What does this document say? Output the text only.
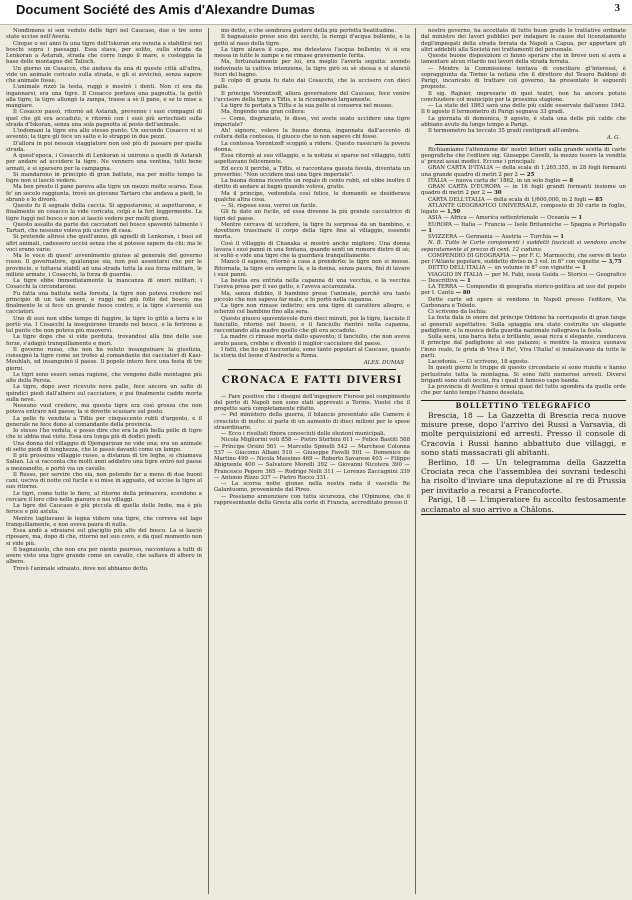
Document Société des Amis d'Alexandre Dumas	3

Nondimeno si son veduto delle tigri nel Caucaso, due o tre sono state uccise nell'Averia.

Cinque o sei anni fa una tigre dell'Iskoran era venuta a stabilirsi nei boschi sopra i paesaggi. Essa stava, per solito, sulla strada da Lenkoran a Astarah, strada che corre lungo il mare, e costeggia la base delle montagne del Talisch.

Un giorno un Cosacco, che andava da una di queste città all'altra, vide un animale coricato sulla strada, e gli si avvicinò, senza sapere che animale fosse.

L'animale rizzò la testa, ruggì e mostrò i denti. Non ci era da ingannarsi, era una tigre. Il Cosacco portava una pagnotta, la gettò alla tigre, la tigre allungò la zampa, trasse a sè il pane, e se lo mise a mangiare.

Il Cosacco passò, ritornò ad Astarah, prevenne i suoi compagni di quel che gli era accaduto, e ritornò con i suoi più arrischiati sulla strada d'Iskoran, senza una sola pagnotta al posto dell'animale.

L'indomani la tigre era allo stesso punto. Un secondo Cosacco vi si avventò; la tigre gli fece un salto e lo strappò in due pezzi.

D'allora in poi nessun viaggiatore non osò più di passare per quella strada.

A quest'epoca, i Cosacchi di Lenkoran si unirono a quelli di Astarah per andare ad uccidere la tigre. Ne vennero una ventina, tutti bene armati, e si sparsero per la campagna.

Si mandarono in principio di gran battute, ma per molto tempo la tigre non si lasciò vedere.

Ma ben presto il pane pareva alla tigre un mezzo molto scarso. Essa fe' un secolo raggiunta, trovò un giovane Tartaro che andava a piedi, lo sbranò e lo divorò.

Questo fu il segnale della caccia. Si appostarono, si aspettarono, e finalmente un cosacco la vide coricata, colpì e la ferì leggermente. La tigre fuggì nel bosco e non si lasciò vedere per molti giorni.

Questo assalto da parte dei cacciatori nel bosco spaventò talmente i Tartari, che nessuno voleva più uscire di casa.

Si pretende altresì che quell'anno, gli agnelli di Lenkoran, i buoi ed altri animali, cadessero uccisi senza che si potesse sapere da chi; ma le voci erano varie.

Ma le voce di quest' avvenimento giunse al generale del governo russo. Il governatore, qualunque sia, non può assentarsi che per le provincie, e tuttavia stabilì ad una strada tutta la sua forza militare, le milizie armate, i Cosacchi, la forza di guardia.

La tigre ebbe immediatamente la mancanza di onori militari; i Cosacchi la circondarono.

Fu fatta una battuta nella foresta, la tigre non poteva credere nel principio di un tale onore, e ruggì nel più folto del bosco; ma finalmente le si fece un grande fuoco contro, e la tigre s'avventò sui cacciatori.

Uno di essi non ebbe tempo di fuggire, la tigre lo gittò a terra e lo portò via. I Cosacchi la inseguirono tirando nel bosco, e la ferirono a tal punto che non poteva più muoversi.

La tigre dopo che si vide perduta, trovandosi alla fine delle sue forze, s'adagiò tranquillamente e morì.

Il governo russo, che non ha voluto insanguinare la giustizia, consegnò la tigre come un trofeo al comandante dei cacciatori di Kasi-Mouhlah, ed insanguinò il paese. Il popolo intero fece una festa di tre giorni.

Le tigri sono esseri senza ragione, che vengono dalle montagne più alte della Persia.

La tigre, dopo aver ricevuto nove palle, fece ancora un salto di quindici piedi dall'albero sul cacciatore, e poi finalmente cadde morta sulla neve.

Nessuno vuol credere, ma questa tigre era così grossa che non poteva entrare nel paese; la si dovette scuoiare sul posto.

La pelle fu venduta a Tiflis per cinquecento rubli d'argento, e il generale ne fece dono al comandante della provincia.

Io stesso l'ho veduta, e posso dire che era la più bella pelle di tigre che io abbia mai visto. Essa era lunga più di dodici piedi.

Una donna del villaggio di Djemgarizan ne vide una; era un animale di sette piedi di lunghezza, che le passò davanti come un lampo.

Il più prossimo villaggio russo, a distanza di tre leghe, si chiamava Salian. Là si racconta che molti anni addietro una tigre entrò nel paese a mezzanotte, e portò via un cavallo.

Il Russo, per servire cho sia, non potendo far a meno di due buoni cani, usciva di notte col fucile e si mise in agguato, ed uccise la tigre al suo ritorno.

Le tigri, come tutte le fiere, al ritorno della primavera, scendono a cercare il loro cibo nelle pianure e nei villaggi.

La tigre del Caucaso è più piccola di quella delle Indie, ma è più feroce e più astuta.

Mentre tagliavano le legna videro una tigre, che correva sul lago tranquillamente, e non aveva paura di nulla.

Essa andò a sdraiarsi sul giaciglio più alto del bosco. La si lasciò riposare, ma, dopo di che, ritornò nel suo covo, e da quel momento non si vide più.

Il bagnaiuolo, che non era per niente pauroso, raccontava a tutti di avere visto una tigre grande come un cavallo, che saltava di albero in albero.

Trovò l'animale sdraiato, dove noi abbiamo detto.

mo detto, e che sembrava godere della più perfetta beatitudine.

Il bagnaiuolo prese uno dei secchi, la riempì d'acqua bollente, e la gettò al naso della tigre.

La tigre alzava il capo, ma detestava l'acqua bollente; vi si era messa in tutte le zampe e ne rimase gravemente ferita.

Ma, fortunatamente per lui, era meglio l'averla seguita: avendo indovinato la cattiva intenzione, la tigre girò su sè stessa e si slanciò fuori del bagno.

Il colpo di grazia fu dato dai Cosacchi, che la uccisero con dieci palle.

Il principe Vorontzoff, allora governatore del Caucaso, fece venire l'uccisore della tigre a Tiflis, e la ricompensò largamente.

La tigre fu portata a Tiflis e la sua pelle si conserva nel museo.

Ma, fingendo una gran collera:

— Come, disgraziato, le disse, voi avete osato uccidere una tigre imperiale?

Ah! signore, volevo la buona donna, ingannata dall'accento di collera della contessa, il giuoco che io non sapevo chi fosse.

La contessa Vorontzoff scoppiò a ridere. Questo rassicurò la povera donna.

Essa ritornò al suo villaggio, e la notizia si sparse nel villaggio, tutti aspettavano felicemente.

Ed ecco il perchè, a Tiflis, si raccontava questa favola, diventata un proverbio: "Non uccidere mai una tigre imperiale".

La buona donna ricevette un regalo di cento rubli, ed ebbe inoltre il diritto di andare ai bagni quando voleva, gratis.

Ma il principe, vedendola così felice, le domandò se desiderava qualche altra cosa.

— Sì, rispose essa, vorrei un fucile.

Gli fu dato un fucile, ed essa divenne la più grande cacciatrice di tigri del paese.

Mentre cercava di uccidere, la tigre fu sorpresa da un bambino, e dovettero trascinare il corpo della tigre fino al villaggio, essendo morta.

Così il villaggio di Chanaka si mostrò anche migliore. Una donna lavava i suoi panni in una fontana, quando sentì un rumore dietro di sè; si voltò e vide una tigre che la guardava tranquillamente.

Mancò il sapone, ritornò a casa a prenderlo; la tigre non si mosse. Ritornata, la tigre era sempre là, e la donna, senza paura, finì di lavare i suoi panni.

La bestia era entrata nella capanna di una vecchia, e la vecchia l'aveva presa per il suo gatto, e l'aveva accarezzata.

Ma, senza dubbio, il bambino prese l'animale, perchè era tanto piccolo che non sapeva far male, e lo portò nella capanna.

La tigre non rimase indietro: era una tigre di carattere allegro, e scherzò col bambino fino alla sera.

Questo giuoco spaventevole durò dieci minuti, poi la tigre, lasciato il fanciullo, ritornò nel bosco, e il fanciullo rientrò nella capanna, raccontando alla madre quello che gli era accaduto.

La madre ci rimase morta dallo spavento; il fanciullo, che non aveva avuto paura, crebbe e diventò il miglior cacciatore del paese.

I fatti, che ho qui raccontato, sono tanto popolari al Caucaso, quanto la storia del leone d'Androclo a Roma.

ALES. DUMAS

CRONACA E FATTI DIVERSI

— Fare positivo che i disegni dell'ingegnere Fiorese pel compimento del porto di Napoli non sono stati approvati a Torino. Vuolsi che il progetto sarà completamente rifatto.

— Pel ministero della guerra, il bilancio presentato alle Camere è cresciuto di molto: si parla di un aumento di dieci milioni per le spese straordinarie.

— Ecco i risultati finora conosciuti delle elezioni municipali.

Nicola Migliorini voti 858 — Pietro Sterbini 611 — Felice Bastiti 568 — Principe Orsini 561 — Marcello Spinelli 542 — Marchese Colonna 537 — Giacomo Albani 510 — Giuseppe Favelli 501 — Domenico de Martino 499 — Nicola Massimo 469 — Roberto Savarese 403 — Filippo Abignente 400 — Salvatore Morelli 392 — Giovanni Nicotera 390 — Francesco Pepere 365 — Rodrigo Nolli 311 — Lorenzo Zaccagnini 339 — Antonio Rizzo 337 — Pietro Rocco 331.

— La scorsa notte giunse nella nostra rada il vascello Re Galantuomo, proveniente dal Pireo.

— Possiamo annunziare con tutta sicurezza, che l'Opinione, che il rappresentante della Grecia alla corte di Francia, accreditato presso il

nostro governo, ha accettato di tutto buon grado le trattative ordinate dal ministro dei lavori pubblici per indagare le cause del licenziamento degl'impiegati della strada ferrata da Napoli a Capua, per apportare gli altri addebiti alla Società nei trattamenti del personale.

Queste buone disposizioni ci fanno sperare che in breve non si avrà a lamentare alcun ritardo nei lavori della strada ferrata.

— Mentre la Commissione tentava di conciliare gl'interessi, è sopraggiunta da Torino la notizia che il direttore del Tesoro Baldoni di Parigi, incaricato di trattare col governo, ha presentato le seguenti proposte.

Il sig. Rajnier, impresario di quei teatri, non ha ancora potuto conchiudere col municipio per la prossima stagione.

— La state del 1863 sarà una delle più calde osservate dall'anno 1842. Il 6 agosto il termometro di Parigi segnava 33 gradi.

La giornata di domenica, 9 agosto, è stata una delle più calde che abbiano avuto da lungo tempo a Parigi.

Il termometro ha toccato 35 gradi centigradi all'ombra.

A. G.

Richiamiamo l'attenzione de' nostri lettori sulla grande scelta di carte geografiche che l'editore sig. Giuseppe Cavelli, la mezzo tesoro la vendita a' prezzi assai modici. Eccone i principali:

GRAN CARTA D'ITALIA — della scala di 1,265,355, in 28 fogli formanti una grande quadro di metri 2 per 2 — 25

ITALIA — nuova carta de' 1862, in un solo foglio — 8

GRAN CARTA D'EUROPA — in 16 fogli grandi formanti insieme un quadro di metri 2 per 2 — 30

CARTA DELL'ITALIA — della scala di 1/600,000, in 2 fogli — 85

ATLANTE GEOGRAFICO UNIVERSALE, composto di 30 carte in foglio, legato — 1,50

ASIA — Africa — America settentrionale — Oceania — 1

EUROPA — Italia — Francia — Isole Britanniche — Spagna e Portogallo — 1

SVIZZERA — Germania — Austria — Turchia — 1

N. B. Tutte le Carte componenti i suddetti fascicoli si vendono anche separatamente al prezzo di cent. 12 caduno.

COMPENDIO DI GEOGRAFIA — per F. C. Marmocchi, che serve di testo per l'Atlante popolare, suddetto diviso in 3 vol. in 8° con vignette — 3,75

DETTO DELL'ITALIA — un volume in 8° con vignette — 1

VIAGGIO IN ITALIA — per M. Fabi, ossia Guida — Storico — Geografico — Descrittiva — 1

LA TERRA — Compendio di geografia storico-politica ad uso del popolo per I. Cantù — 80

Dette carte ed opere si vendono in Napoli presso l'editore, Via Carbonara e Toledo.

Ci scrivono da Ischia:

La festa data in onore del principe Oddone ha corrisposto di gran lunga ai generali aspettative. Sulla spiaggia era stato costruito un elegante padiglione, e la musica della guardia nazionale rallegrava la festa.

Sulla sera, una barca lieta e brillante, assai ricca e elegante, conduceva il principe dal padiglione al suo palazzo; e mentre la musica suonava l'inno reale, le grida di Viva il Re!, Viva l'Italia! si innalzavano da tutte le parti.

Lacedonia. — Ci scrivono, 18 agosto.

In questi giorni le truppe di questo circondario si sono riunite e hanno perlustrato tutta la montagna. Si sono fatti numerosi arresti. Diversi briganti sono stati uccisi, fra i quali il famoso capo banda.

La provincia di Avellino è ormai quasi del tutto sgombra da quelle orde che per tanto tempo l'hanno desolata.

BOLLETTINO TELEGRAFICO

Brescia, 18 — La Gazzetta di Brescia reca nuove misure prese, dopo l'arrivo dei Russi a Varsavia, di molte perquisizioni ed arresti. Presso il console di Cracovia i Russi hanno abbattuto due villaggi, e sono stati massacrati gli abitanti.

Berlino, 18 — Un telegramma della Gazzetta Crociata reca che l'assemblea dei sovrani tedeschi ha risolto d'inviare una deputazione al re di Prussia per invitarlo a recarsi a Francoforte.

Parigi, 18 — L'imperatore fu accolto festosamente acclamato al suo arrivo a Châlons.
